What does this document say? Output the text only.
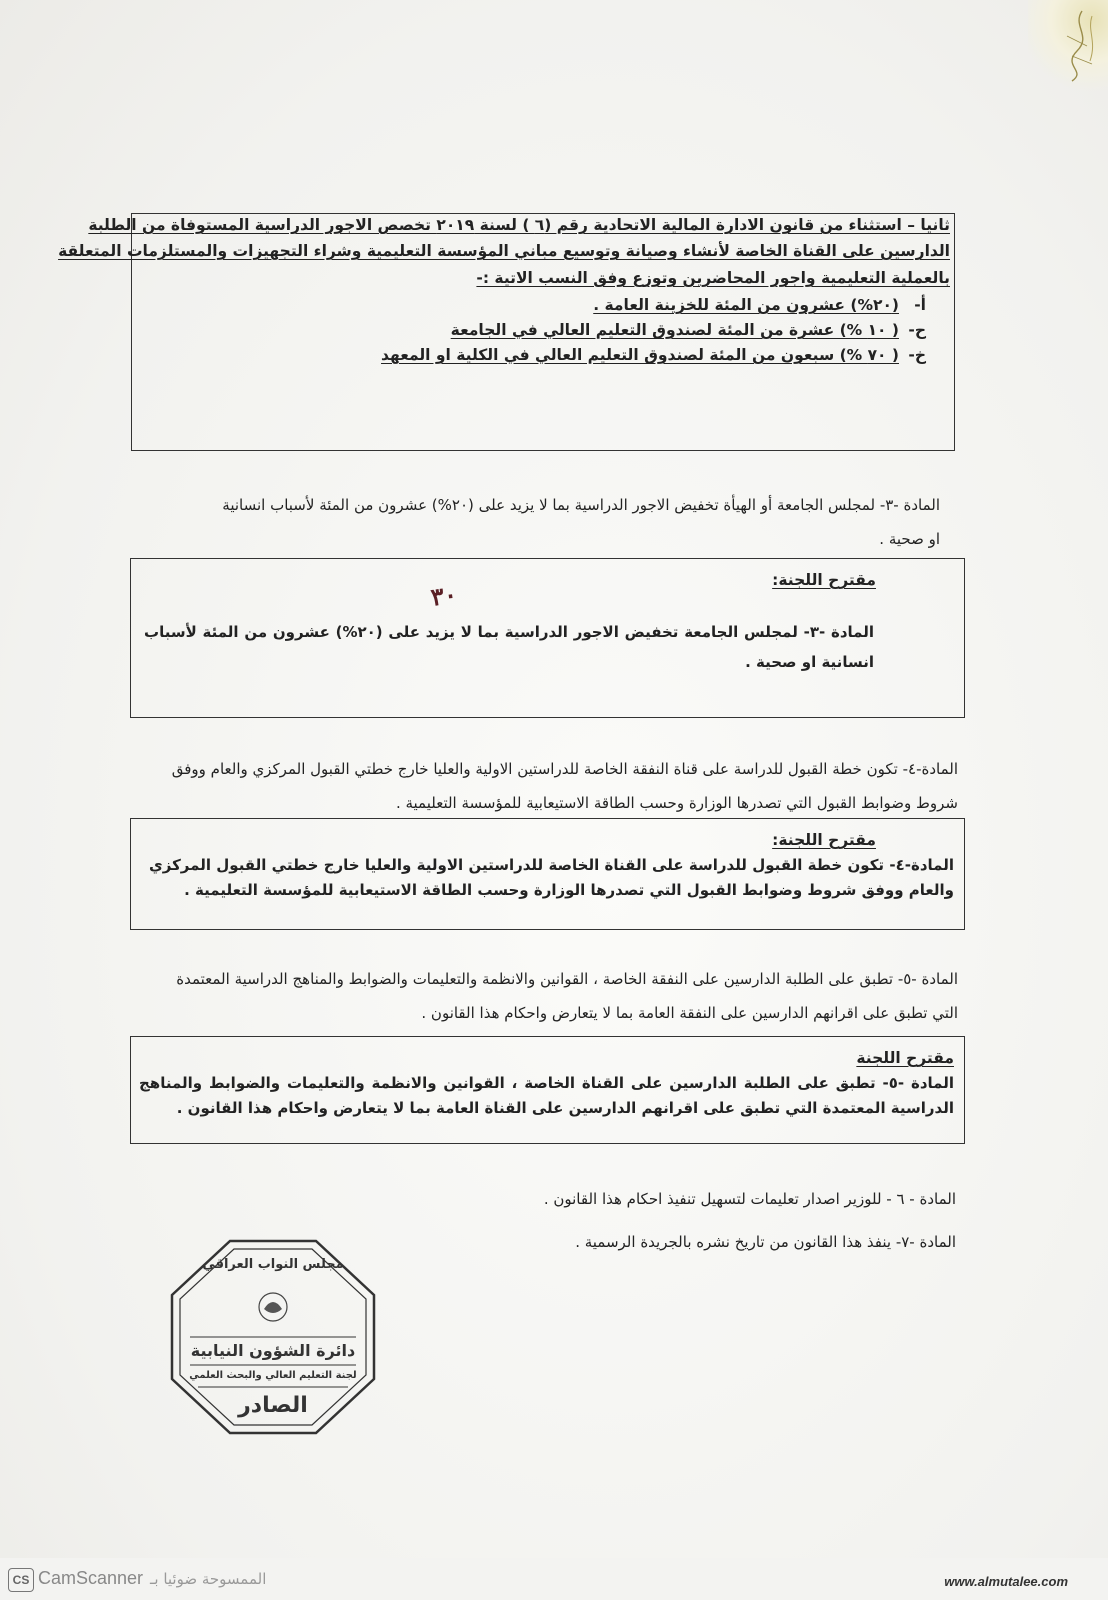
ثانيا – استثناء من قانون الادارة المالية الاتحادية رقم (٦ ) لسنة ٢٠١٩ تخصص الاجور الدراسية المستوفاة من الطلبة
الدارسين على القناة الخاصة لأنشاء وصيانة وتوسيع مباني المؤسسة التعليمية وشراء التجهيزات والمستلزمات المتعلقة
بالعملية التعليمية واجور المحاضرين وتوزع وفق النسب الاتية :-
أ-
(٢٠%) عشرون من المئة للخزينة العامة .
ح-
( ١٠ %) عشرة من المئة لصندوق التعليم العالي في الجامعة
خ-
( ٧٠ %) سبعون من المئة لصندوق التعليم العالي في الكلية او المعهد
المادة -٣- لمجلس الجامعة أو الهيأة تخفيض الاجور الدراسية بما لا يزيد على (٢٠%) عشرون من المئة لأسباب انسانية او صحية .
مقترح اللجنة:
المادة -٣- لمجلس الجامعة تخفيض الاجور الدراسية بما لا يزيد على (٢٠%) عشرون من المئة لأسباب انسانية او صحية .
٣٠
المادة-٤- تكون خطة القبول للدراسة على قناة النفقة الخاصة للدراستين الاولية والعليا خارج خطتي القبول المركزي والعام ووفق شروط وضوابط القبول التي تصدرها الوزارة وحسب الطاقة الاستيعابية للمؤسسة التعليمية .
مقترح اللجنة:
المادة-٤- تكون خطة القبول للدراسة على القناة الخاصة للدراستين الاولية والعليا خارج خطتي القبول المركزي والعام ووفق شروط وضوابط القبول التي تصدرها الوزارة وحسب الطاقة الاستيعابية للمؤسسة التعليمية .
المادة -٥- تطبق على الطلبة الدارسين على النفقة الخاصة ، القوانين والانظمة والتعليمات والضوابط والمناهج الدراسية المعتمدة التي تطبق على اقرانهم الدارسين على النفقة العامة بما لا يتعارض واحكام هذا القانون .
مقترح اللجنة
المادة -٥- تطبق على الطلبة الدارسين على القناة الخاصة ، القوانين والانظمة والتعليمات والضوابط والمناهج الدراسية المعتمدة التي تطبق على اقرانهم الدارسين على القناة العامة بما لا يتعارض واحكام هذا القانون .
المادة - ٦ - للوزير اصدار تعليمات لتسهيل تنفيذ احكام هذا القانون .
المادة -٧- ينفذ هذا القانون من تاريخ نشره بالجريدة الرسمية .
مجلس النواب العراقي
دائرة الشؤون النيابية
لجنة التعليم العالي والبحث العلمي
الصادر
CS CamScanner الممسوحة ضوئيا بـ	www.almutalee.com
